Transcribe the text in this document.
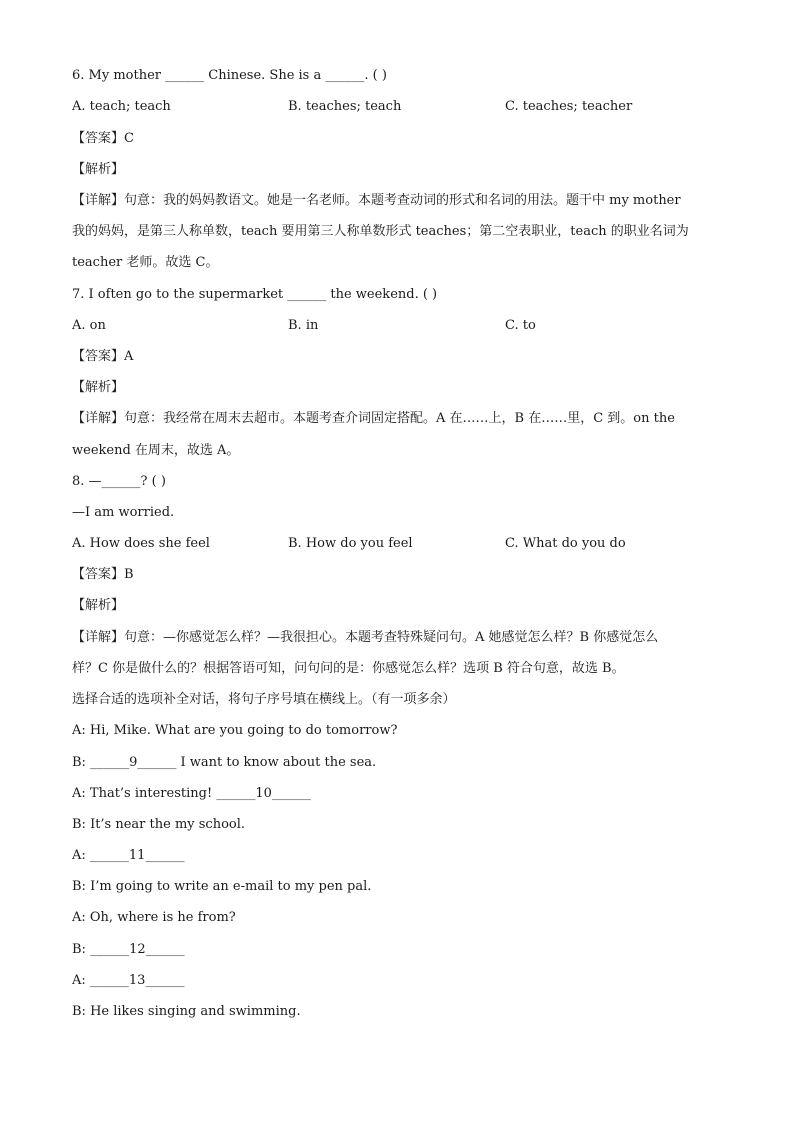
6. My mother ______ Chinese. She is a ______. ( )
A. teach; teach	B. teaches; teach	C. teaches; teacher
【答案】C
【解析】
【详解】句意：我的妈妈教语文。她是一名老师。本题考查动词的形式和名词的用法。题干中 my mother
我的妈妈，是第三人称单数，teach 要用第三人称单数形式 teaches；第二空表职业，teach 的职业名词为
teacher 老师。故选 C。
7. I often go to the supermarket ______ the weekend. ( )
A. on	B. in	C. to
【答案】A
【解析】
【详解】句意：我经常在周末去超市。本题考查介词固定搭配。A 在……上，B 在……里，C 到。on the
weekend 在周末，故选 A。
8. —______? ( )
—I am worried.
A. How does she feel	B. How do you feel	C. What do you do
【答案】B
【解析】
【详解】句意：—你感觉怎么样？—我很担心。本题考查特殊疑问句。A 她感觉怎么样？B 你感觉怎么
样？C 你是做什么的？根据答语可知，问句问的是：你感觉怎么样？选项 B 符合句意，故选 B。
选择合适的选项补全对话，将句子序号填在横线上。（有一项多余）
A: Hi, Mike. What are you going to do tomorrow?
B: ______9______ I want to know about the sea.
A: That’s interesting! ______10______
B: It’s near the my school.
A: ______11______
B: I’m going to write an e-mail to my pen pal.
A: Oh, where is he from?
B: ______12______
A: ______13______
B: He likes singing and swimming.
